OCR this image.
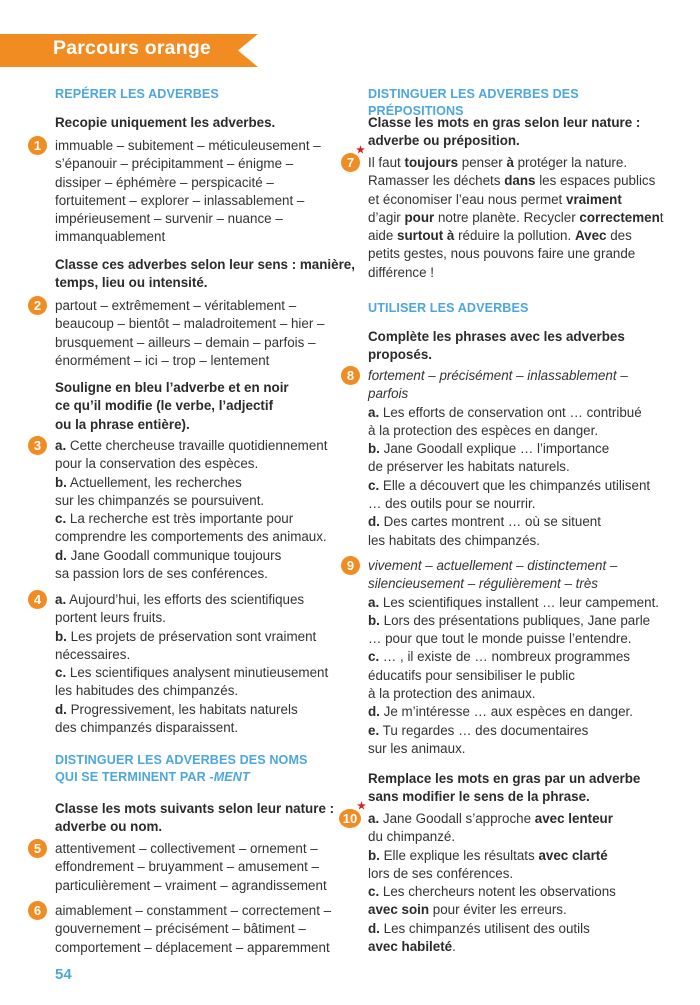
Parcours orange
REPÉRER LES ADVERBES
Recopie uniquement les adverbes.
1	immuable – subitement – méticuleusement –
s’épanouir – précipitamment – énigme –
dissiper – éphémère – perspicacité –
fortuitement – explorer – inlassablement –
impérieusement – survenir – nuance –
immanquablement
Classe ces adverbes selon leur sens : manière,
temps, lieu ou intensité.
2	partout – extrêmement – véritablement –
beaucoup – bientôt – maladroitement – hier –
brusquement – ailleurs – demain – parfois –
énormément – ici – trop – lentement
Souligne en bleu l’adverbe et en noir
ce qu’il modifie (le verbe, l’adjectif
ou la phrase entière).
3	a. Cette chercheuse travaille quotidiennement
pour la conservation des espèces.
b. Actuellement, les recherches
sur les chimpanzés se poursuivent.
c. La recherche est très importante pour
comprendre les comportements des animaux.
d. Jane Goodall communique toujours
sa passion lors de ses conférences.
4	a. Aujourd’hui, les efforts des scientifiques
portent leurs fruits.
b. Les projets de préservation sont vraiment
nécessaires.
c. Les scientifiques analysent minutieusement
les habitudes des chimpanzés.
d. Progressivement, les habitats naturels
des chimpanzés disparaissent.
DISTINGUER LES ADVERBES DES NOMS
QUI SE TERMINENT PAR -MENT
Classe les mots suivants selon leur nature :
adverbe ou nom.
5	attentivement – collectivement – ornement –
effondrement – bruyamment – amusement –
particulièrement – vraiment – agrandissement
6	aimablement – constamment – correctement –
gouvernement – précisément – bâtiment –
comportement – déplacement – apparemment
DISTINGUER LES ADVERBES DES PRÉPOSITIONS
Classe les mots en gras selon leur nature :
adverbe ou préposition.
7
★
Il faut toujours penser à protéger la nature.
Ramasser les déchets dans les espaces publics
et économiser l’eau nous permet vraiment
d’agir pour notre planète. Recycler correctement
aide surtout à réduire la pollution. Avec des
petits gestes, nous pouvons faire une grande
différence !
UTILISER LES ADVERBES
Complète les phrases avec les adverbes
proposés.
8	fortement – précisément – inlassablement –
parfois
a. Les efforts de conservation ont … contribué
à la protection des espèces en danger.
b. Jane Goodall explique … l’importance
de préserver les habitats naturels.
c. Elle a découvert que les chimpanzés utilisent
… des outils pour se nourrir.
d. Des cartes montrent … où se situent
les habitats des chimpanzés.
9	vivement – actuellement – distinctement –
silencieusement – régulièrement – très
a. Les scientifiques installent … leur campement.
b. Lors des présentations publiques, Jane parle
… pour que tout le monde puisse l’entendre.
c. … , il existe de … nombreux programmes
éducatifs pour sensibiliser le public
à la protection des animaux.
d. Je m’intéresse … aux espèces en danger.
e. Tu regardes … des documentaires
sur les animaux.
Remplace les mots en gras par un adverbe
sans modifier le sens de la phrase.
10
★
a. Jane Goodall s’approche avec lenteur
du chimpanzé.
b. Elle explique les résultats avec clarté
lors de ses conférences.
c. Les chercheurs notent les observations
avec soin pour éviter les erreurs.
d. Les chimpanzés utilisent des outils
avec habileté.
54
